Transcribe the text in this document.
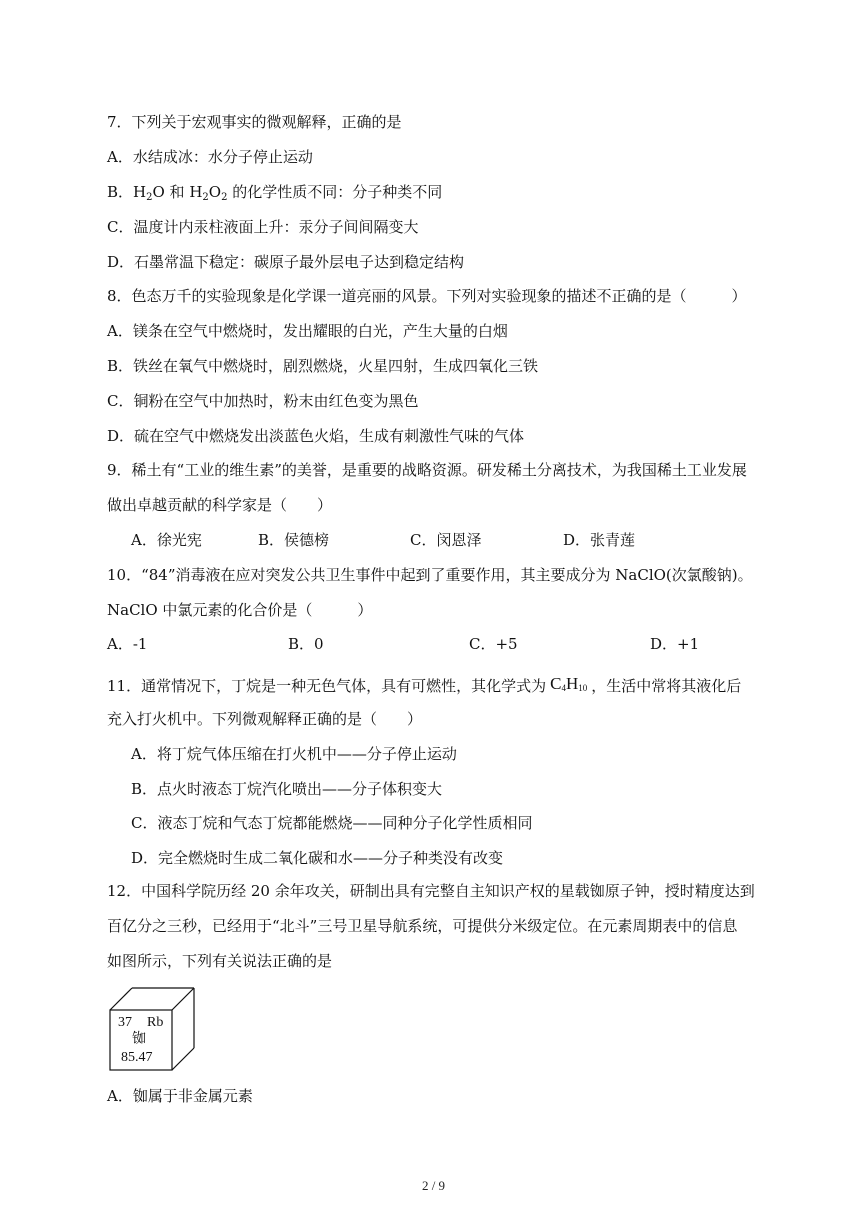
7．下列关于宏观事实的微观解释，正确的是
A．水结成冰：水分子停止运动
B．$H_2O$ 和 $H_2O_2$ 的化学性质不同：分子种类不同
C．温度计内汞柱液面上升：汞分子间间隔变大
D．石墨常温下稳定：碳原子最外层电子达到稳定结构
8．色态万千的实验现象是化学课一道亮丽的风景。下列对实验现象的描述不正确的是（　　　）
A．镁条在空气中燃烧时，发出耀眼的白光，产生大量的白烟
B．铁丝在氧气中燃烧时，剧烈燃烧，火星四射，生成四氧化三铁
C．铜粉在空气中加热时，粉末由红色变为黑色
D．硫在空气中燃烧发出淡蓝色火焰，生成有刺激性气味的气体
9．稀土有“工业的维生素”的美誉，是重要的战略资源。研发稀土分离技术，为我国稀土工业发展
做出卓越贡献的科学家是（　　）
A．徐光宪	B．侯德榜	C．闵恩泽	D．张青莲
10．“84”消毒液在应对突发公共卫生事件中起到了重要作用，其主要成分为 NaClO(次氯酸钠)。
NaClO 中氯元素的化合价是（　　　）
A．-1	B．0	C．+5	D．+1
11．通常情况下，丁烷是一种无色气体，具有可燃性，其化学式为 $C_4H_{10}$ ，生活中常将其液化后
充入打火机中。下列微观解释正确的是（　　）
A．将丁烷气体压缩在打火机中——分子停止运动
B．点火时液态丁烷汽化喷出——分子体积变大
C．液态丁烷和气态丁烷都能燃烧——同种分子化学性质相同
D．完全燃烧时生成二氧化碳和水——分子种类没有改变
12．中国科学院历经 20 余年攻关，研制出具有完整自主知识产权的星载铷原子钟，授时精度达到
百亿分之三秒，已经用于“北斗”三号卫星导航系统，可提供分米级定位。在元素周期表中的信息
如图所示，下列有关说法正确的是
37 Rb
铷
85.47
A．铷属于非金属元素
2 / 9
